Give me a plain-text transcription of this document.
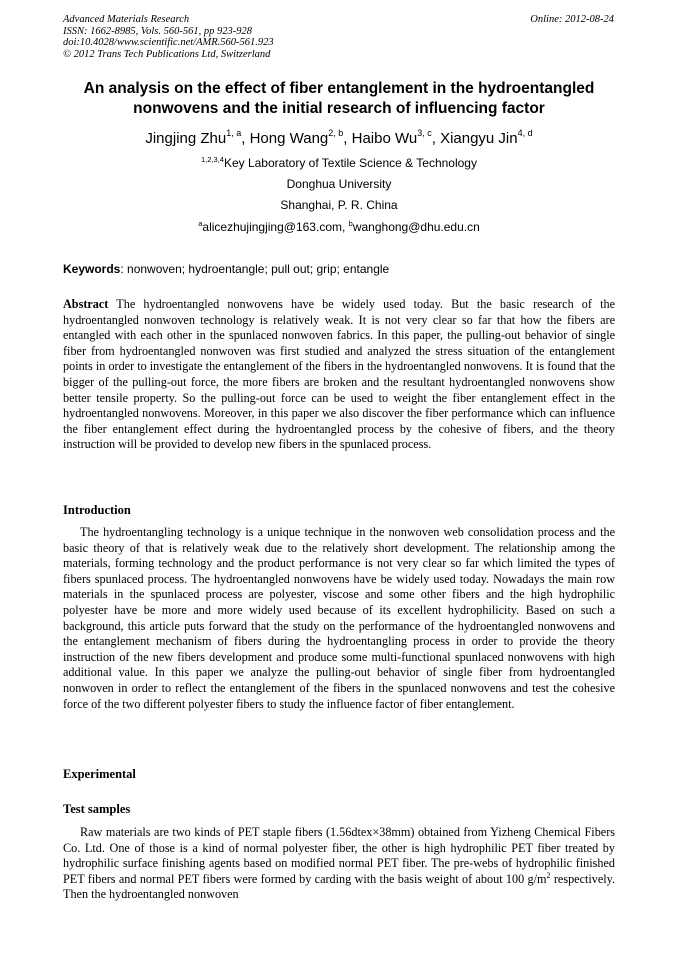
Advanced Materials Research
ISSN: 1662-8985, Vols. 560-561, pp 923-928
doi:10.4028/www.scientific.net/AMR.560-561.923
© 2012 Trans Tech Publications Ltd, Switzerland
Online: 2012-08-24
An analysis on the effect of fiber entanglement in the hydroentangled
nonwovens and the initial research of influencing factor
Jingjing Zhu$^{1, a}$, Hong Wang$^{2, b}$, Haibo Wu$^{3, c}$, Xiangyu Jin$^{4, d}$
$^{1,2,3,4}$Key Laboratory of Textile Science & Technology
Donghua University
Shanghai, P. R. China
$^a$alicezhujingjing@163.com, $^b$wanghong@dhu.edu.cn
Keywords: nonwoven; hydroentangle; pull out; grip; entangle
Abstract The hydroentangled nonwovens have be widely used today. But the basic research of the hydroentangled nonwoven technology is relatively weak. It is not very clear so far that how the fibers are entangled with each other in the spunlaced nonwoven fabrics. In this paper, the pulling-out behavior of single fiber from hydroentangled nonwoven was first studied and analyzed the stress situation of the entanglement points in order to investigate the entanglement of the fibers in the hydroentangled nonwovens. It is found that the bigger of the pulling-out force, the more fibers are broken and the resultant hydroentangled nonwovens show better tensile property. So the pulling-out force can be used to weight the fiber entanglement effect in the hydroentangled nonwovens. Moreover, in this paper we also discover the fiber performance which can influence the fiber entanglement effect during the hydroentangled process by the cohesive of fibers, and the theory instruction will be provided to develop new fibers in the spunlaced process.
Introduction
The hydroentangling technology is a unique technique in the nonwoven web consolidation process and the basic theory of that is relatively weak due to the relatively short development. The relationship among the materials, forming technology and the product performance is not very clear so far which limited the types of fibers spunlaced process. The hydroentangled nonwovens have be widely used today. Nowadays the main row materials in the spunlaced process are polyester, viscose and some other fibers and the high hydrophilic polyester have be more and more widely used because of its excellent hydrophilicity. Based on such a background, this article puts forward that the study on the performance of the hydroentangled nonwovens and the entanglement mechanism of fibers during the hydroentangling process in order to provide the theory instruction of the new fibers development and produce some multi-functional spunlaced nonwovens with high additional value. In this paper we analyze the pulling-out behavior of single fiber from hydroentangled nonwoven in order to reflect the entanglement of the fibers in the spunlaced nonwovens and test the cohesive force of the two different polyester fibers to study the influence factor of fiber entanglement.
Experimental
Test samples
Raw materials are two kinds of PET staple fibers (1.56dtex×38mm) obtained from Yizheng Chemical Fibers Co. Ltd. One of those is a kind of normal polyester fiber, the other is high hydrophilic PET fiber treated by hydrophilic surface finishing agents based on modified normal PET fiber. The pre-webs of hydrophilic finished PET fibers and normal PET fibers were formed by carding with the basis weight of about 100 $g/m^2$ respectively. Then the hydroentangled nonwoven
